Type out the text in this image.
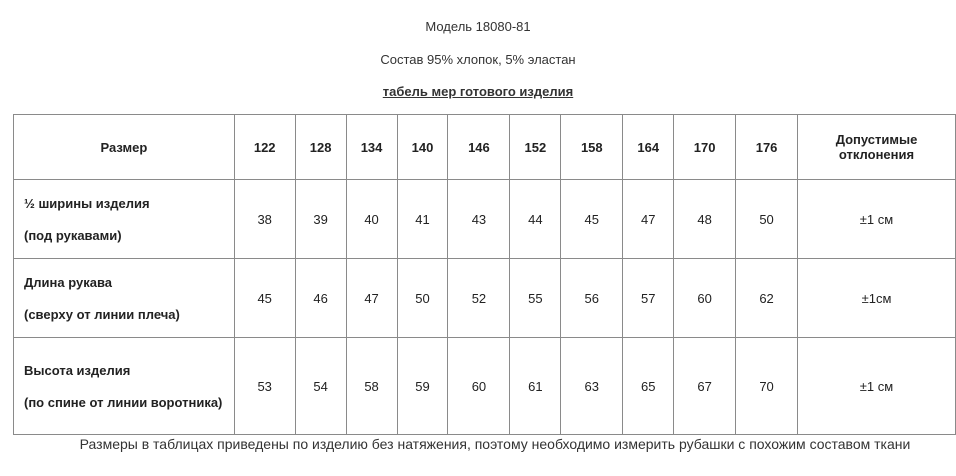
Модель 18080-81
Состав 95% хлопок, 5% эластан
табель мер готового изделия
Размер	122	128	134	140	146	152	158	164	170	176	Допустимые отклонения

½ ширины изделия
(под рукавами)	38	39	40	41	43	44	45	47	48	50	±1 см

Длина рукава
(сверху от линии плеча)	45	46	47	50	52	55	56	57	60	62	±1см

Высота изделия
(по спине от линии воротника)	53	54	58	59	60	61	63	65	67	70	±1 см
Размеры в таблицах приведены по изделию без натяжения, поэтому необходимо измерить рубашки с похожим составом ткани
